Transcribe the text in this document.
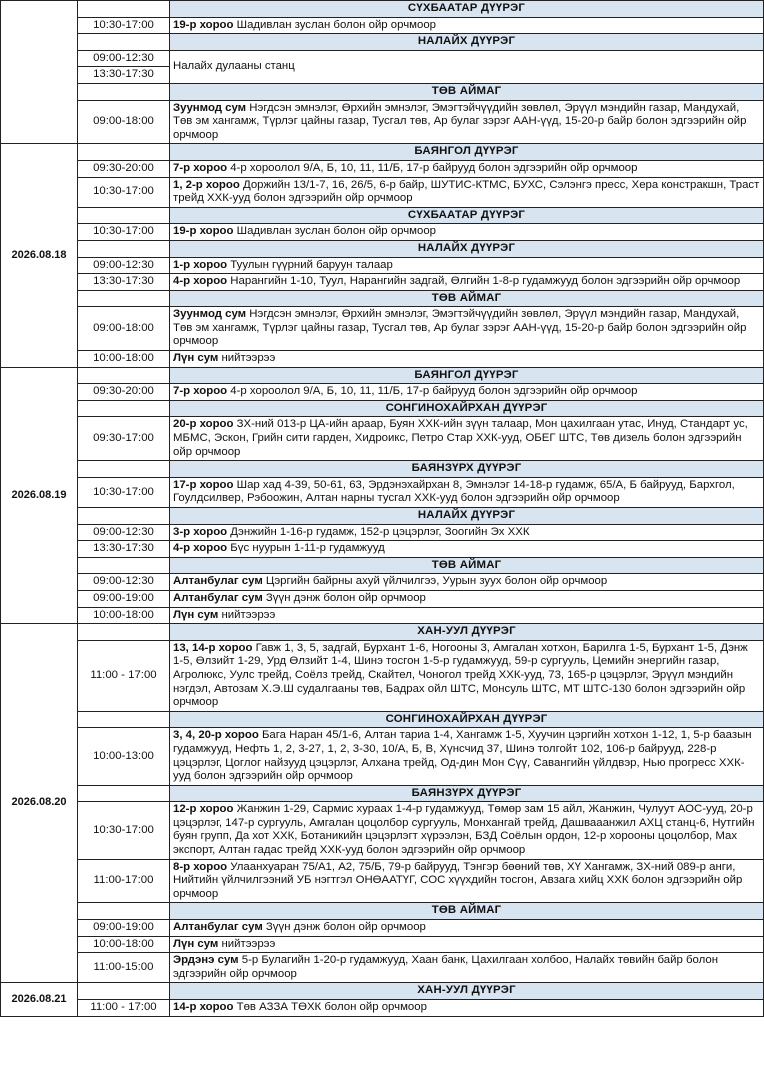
		СҮХБААТАР ДҮҮРЭГ
	10:30-17:00	19-р хороо Шадивлан зуслан болон ойр орчмоор
		НАЛАЙХ ДҮҮРЭГ
	09:00-12:30	Налайх дулааны станц
	13:30-17:30	
		ТӨВ АЙМАГ
	09:00-18:00	Зуунмод сум Нэгдсэн эмнэлэг, Өрхийн эмнэлэг, Эмэгтэйчүүдийн зөвлөл, Эрүүл мэндийн газар, Мандухай, Төв эм хангамж, Түрлэг цайны газар, Тусгал төв, Ар булаг зэрэг ААН-үүд, 15-20-р байр болон эдгээрийн ойр орчмоор
2026.08.18		БАЯНГОЛ ДҮҮРЭГ
	09:30-20:00	7-р хороо 4-р хороолол 9/А, Б, 10, 11, 11/Б, 17-р байрууд болон эдгээрийн ойр орчмоор
	10:30-17:00	1, 2-р хороо Доржийн 13/1-7, 16, 26/5, 6-р байр, ШУТИС-КТМС, БУХС, Сэлэнгэ пресс, Хера констракшн, Траст трейд ХХК-ууд болон эдгээрийн ойр орчмоор
		СҮХБААТАР ДҮҮРЭГ
	10:30-17:00	19-р хороо Шадивлан зуслан болон ойр орчмоор
		НАЛАЙХ ДҮҮРЭГ
	09:00-12:30	1-р хороо Туулын гүүрний баруун талаар
	13:30-17:30	4-р хороо Нарангийн 1-10, Туул, Нарангийн задгай, Өлгийн 1-8-р гудамжууд болон эдгээрийн ойр орчмоор
		ТӨВ АЙМАГ
	09:00-18:00	Зуунмод сум Нэгдсэн эмнэлэг, Өрхийн эмнэлэг, Эмэгтэйчүүдийн зөвлөл, Эрүүл мэндийн газар, Мандухай, Төв эм хангамж, Түрлэг цайны газар, Тусгал төв, Ар булаг зэрэг ААН-үүд, 15-20-р байр болон эдгээрийн ойр орчмоор
	10:00-18:00	Лүн сум нийтээрээ
2026.08.19		БАЯНГОЛ ДҮҮРЭГ
	09:30-20:00	7-р хороо 4-р хороолол 9/А, Б, 10, 11, 11/Б, 17-р байрууд болон эдгээрийн ойр орчмоор
		СОНГИНОХАЙРХАН ДҮҮРЭГ
	09:30-17:00	20-р хороо ЗХ-ний 013-р ЦА-ийн араар, Буян ХХК-ийн зүүн талаар, Мон цахилгаан утас, Инуд, Стандарт ус, МБМС, Эскон, Грийн сити гарден, Хидроикс, Петро Стар ХХК-ууд, ОБЕГ ШТС, Төв дизель болон эдгээрийн ойр орчмоор
		БАЯНЗҮРХ ДҮҮРЭГ
	10:30-17:00	17-р хороо Шар хад 4-39, 50-61, 63, Эрдэнэхайрхан 8, Эмнэлэг 14-18-р гудамж, 65/А, Б байрууд, Бархгол, Гоулдсилвер, Рэбоожин, Алтан нарны тусгал ХХК-ууд болон эдгээрийн ойр орчмоор
		НАЛАЙХ ДҮҮРЭГ
	09:00-12:30	3-р хороо Дэнжийн 1-16-р гудамж, 152-р цэцэрлэг, Зоогийн Эх ХХК
	13:30-17:30	4-р хороо Бүс нуурын 1-11-р гудамжууд
		ТӨВ АЙМАГ
	09:00-12:30	Алтанбулаг сум Цэргийн байрны ахуй үйлчилгээ, Уурын зуух болон ойр орчмоор
	09:00-19:00	Алтанбулаг сум Зүүн дэнж болон ойр орчмоор
	10:00-18:00	Лүн сум нийтээрээ
2026.08.20		ХАН-УУЛ ДҮҮРЭГ
	11:00 - 17:00	13, 14-р хороо Гавж 1, 3, 5, задгай, Бурхант 1-6, Ногооны 3, Амгалан хотхон, Барилга 1-5, Бурхант 1-5, Дэнж 1-5, Өлзийт 1-29, Урд Өлзийт 1-4, Шинэ тосгон 1-5-р гудамжууд, 59-р сургууль, Цемийн энергийн газар, Агролюкс, Уулс трейд, Соёлз трейд, Скайтел, Чоногол трейд ХХК-ууд, 73, 165-р цэцэрлэг, Эрүүл мэндийн нэгдэл, Автозам Х.Э.Ш судалгааны төв, Бадрах ойл ШТС, Монсуль ШТС, МТ ШТС-130 болон эдгээрийн ойр орчмоор
		СОНГИНОХАЙРХАН ДҮҮРЭГ
	10:00-13:00	3, 4, 20-р хороо Бага Наран 45/1-6, Алтан тариа 1-4, Хангамж 1-5, Хуучин цэргийн хотхон 1-12, 1, 5-р баазын гудамжууд, Нефть 1, 2, 3-27, 1, 2, 3-30, 10/А, Б, В, Хүнсчид 37, Шинэ толгойт 102, 106-р байрууд, 228-р цэцэрлэг, Цоглог найзууд цэцэрлэг, Алхана трейд, Од-дин Мон Сүү, Савангийн үйлдвэр, Нью прогресс ХХК-ууд болон эдгээрийн ойр орчмоор
		БАЯНЗҮРХ ДҮҮРЭГ
	10:30-17:00	12-р хороо Жанжин 1-29, Сармис хураах 1-4-р гудамжууд, Төмөр зам 15 айл, Жанжин, Чулуут АОС-ууд, 20-р цэцэрлэг, 147-р сургууль, Амгалан цоцолбор сургууль, Монхангай трейд, Дашвааанжил АХЦ станц-6, Нутгийн буян групп, Да хот ХХК, Ботаникийн цэцэрлэгт хүрээлэн, БЗД Соёлын ордон, 12-р хорооны цоцолбор, Мах экспорт, Алтан гадас трейд ХХК-ууд болон эдгээрийн ойр орчмоор
	11:00-17:00	8-р хороо Улаанхуаран 75/А1, А2, 75/Б, 79-р байрууд, Тэнгэр бөөний төв, ХҮ Хангамж, ЗХ-ний 089-р анги, Нийтийн үйлчилгээний УБ нэгтгэл ОНӨААТҮГ, СОС хүүхдийн тосгон, Авзага хийц ХХК болон эдгээрийн ойр орчмоор
		ТӨВ АЙМАГ
	09:00-19:00	Алтанбулаг сум Зүүн дэнж болон ойр орчмоор
	10:00-18:00	Лүн сум нийтээрээ
	11:00-15:00	Эрдэнэ сум 5-р Булагийн 1-20-р гудамжууд, Хаан банк, Цахилгаан холбоо, Налайх төвийн байр болон эдгээрийн ойр орчмоор
2026.08.21		ХАН-УУЛ ДҮҮРЭГ
	11:00 - 17:00	14-р хороо Төв АЗЗА ТӨХК болон ойр орчмоор
